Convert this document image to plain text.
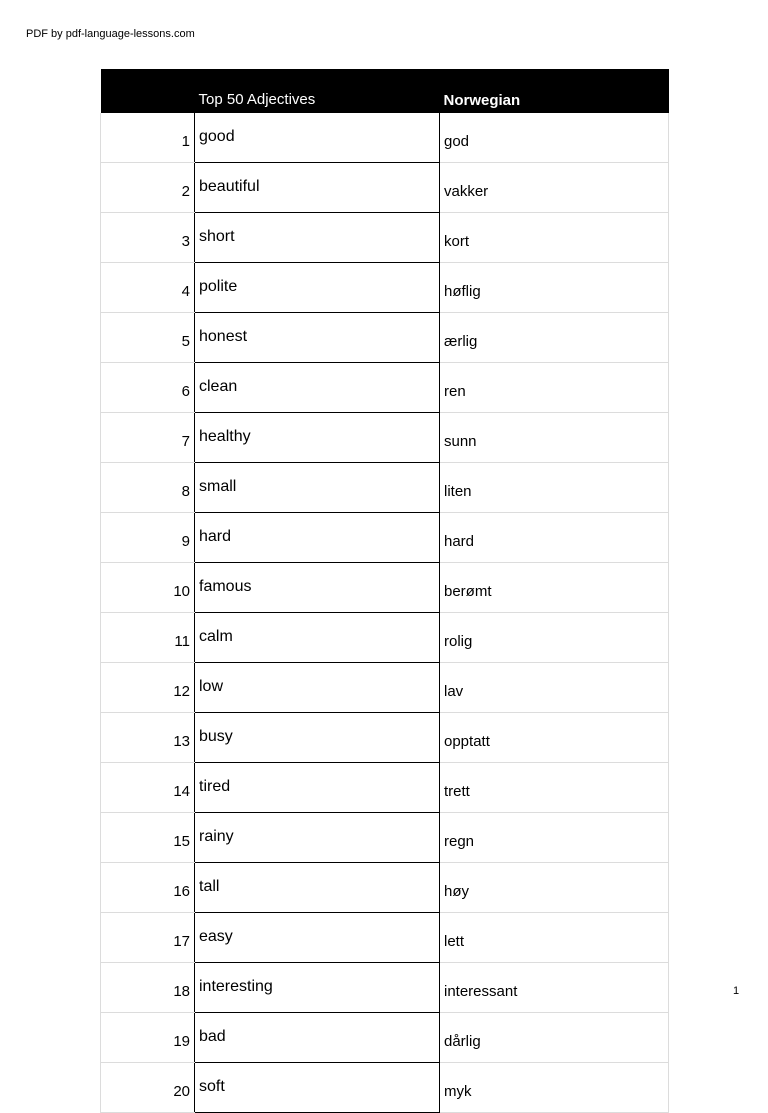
PDF by pdf-language-lessons.com
	Top 50 Adjectives	Norwegian
1	good	god
2	beautiful	vakker
3	short	kort
4	polite	høflig
5	honest	ærlig
6	clean	ren
7	healthy	sunn
8	small	liten
9	hard	hard
10	famous	berømt
11	calm	rolig
12	low	lav
13	busy	opptatt
14	tired	trett
15	rainy	regn
16	tall	høy
17	easy	lett
18	interesting	interessant
19	bad	dårlig
20	soft	myk
1
